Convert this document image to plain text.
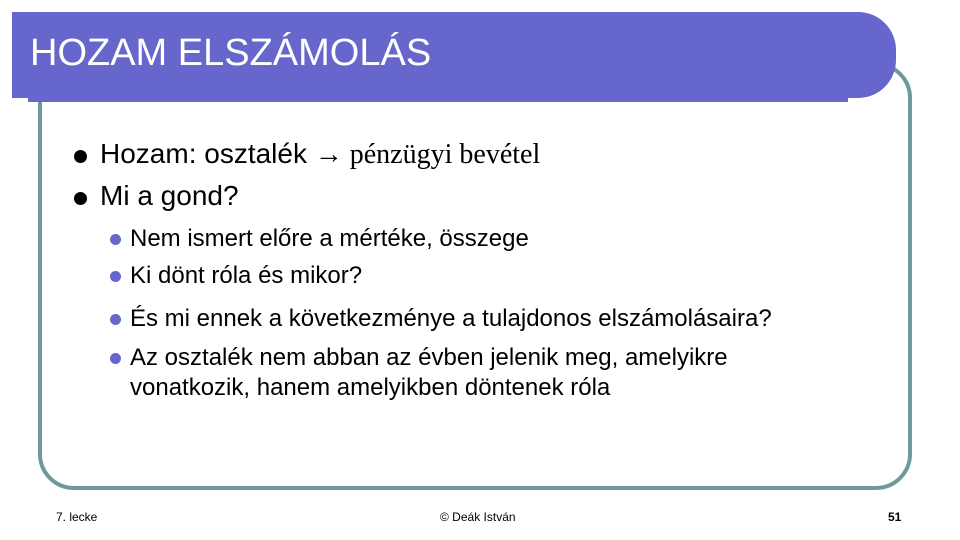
HOZAM ELSZÁMOLÁS
Hozam: osztalék → pénzügyi bevétel
Mi a gond?
Nem ismert előre a mértéke, összege
Ki dönt róla és mikor?
És mi ennek a következménye a tulajdonos elszámolásaira?
Az osztalék nem abban az évben jelenik meg, amelyikre
vonatkozik, hanem amelyikben döntenek róla
7. lecke	© Deák István	51
